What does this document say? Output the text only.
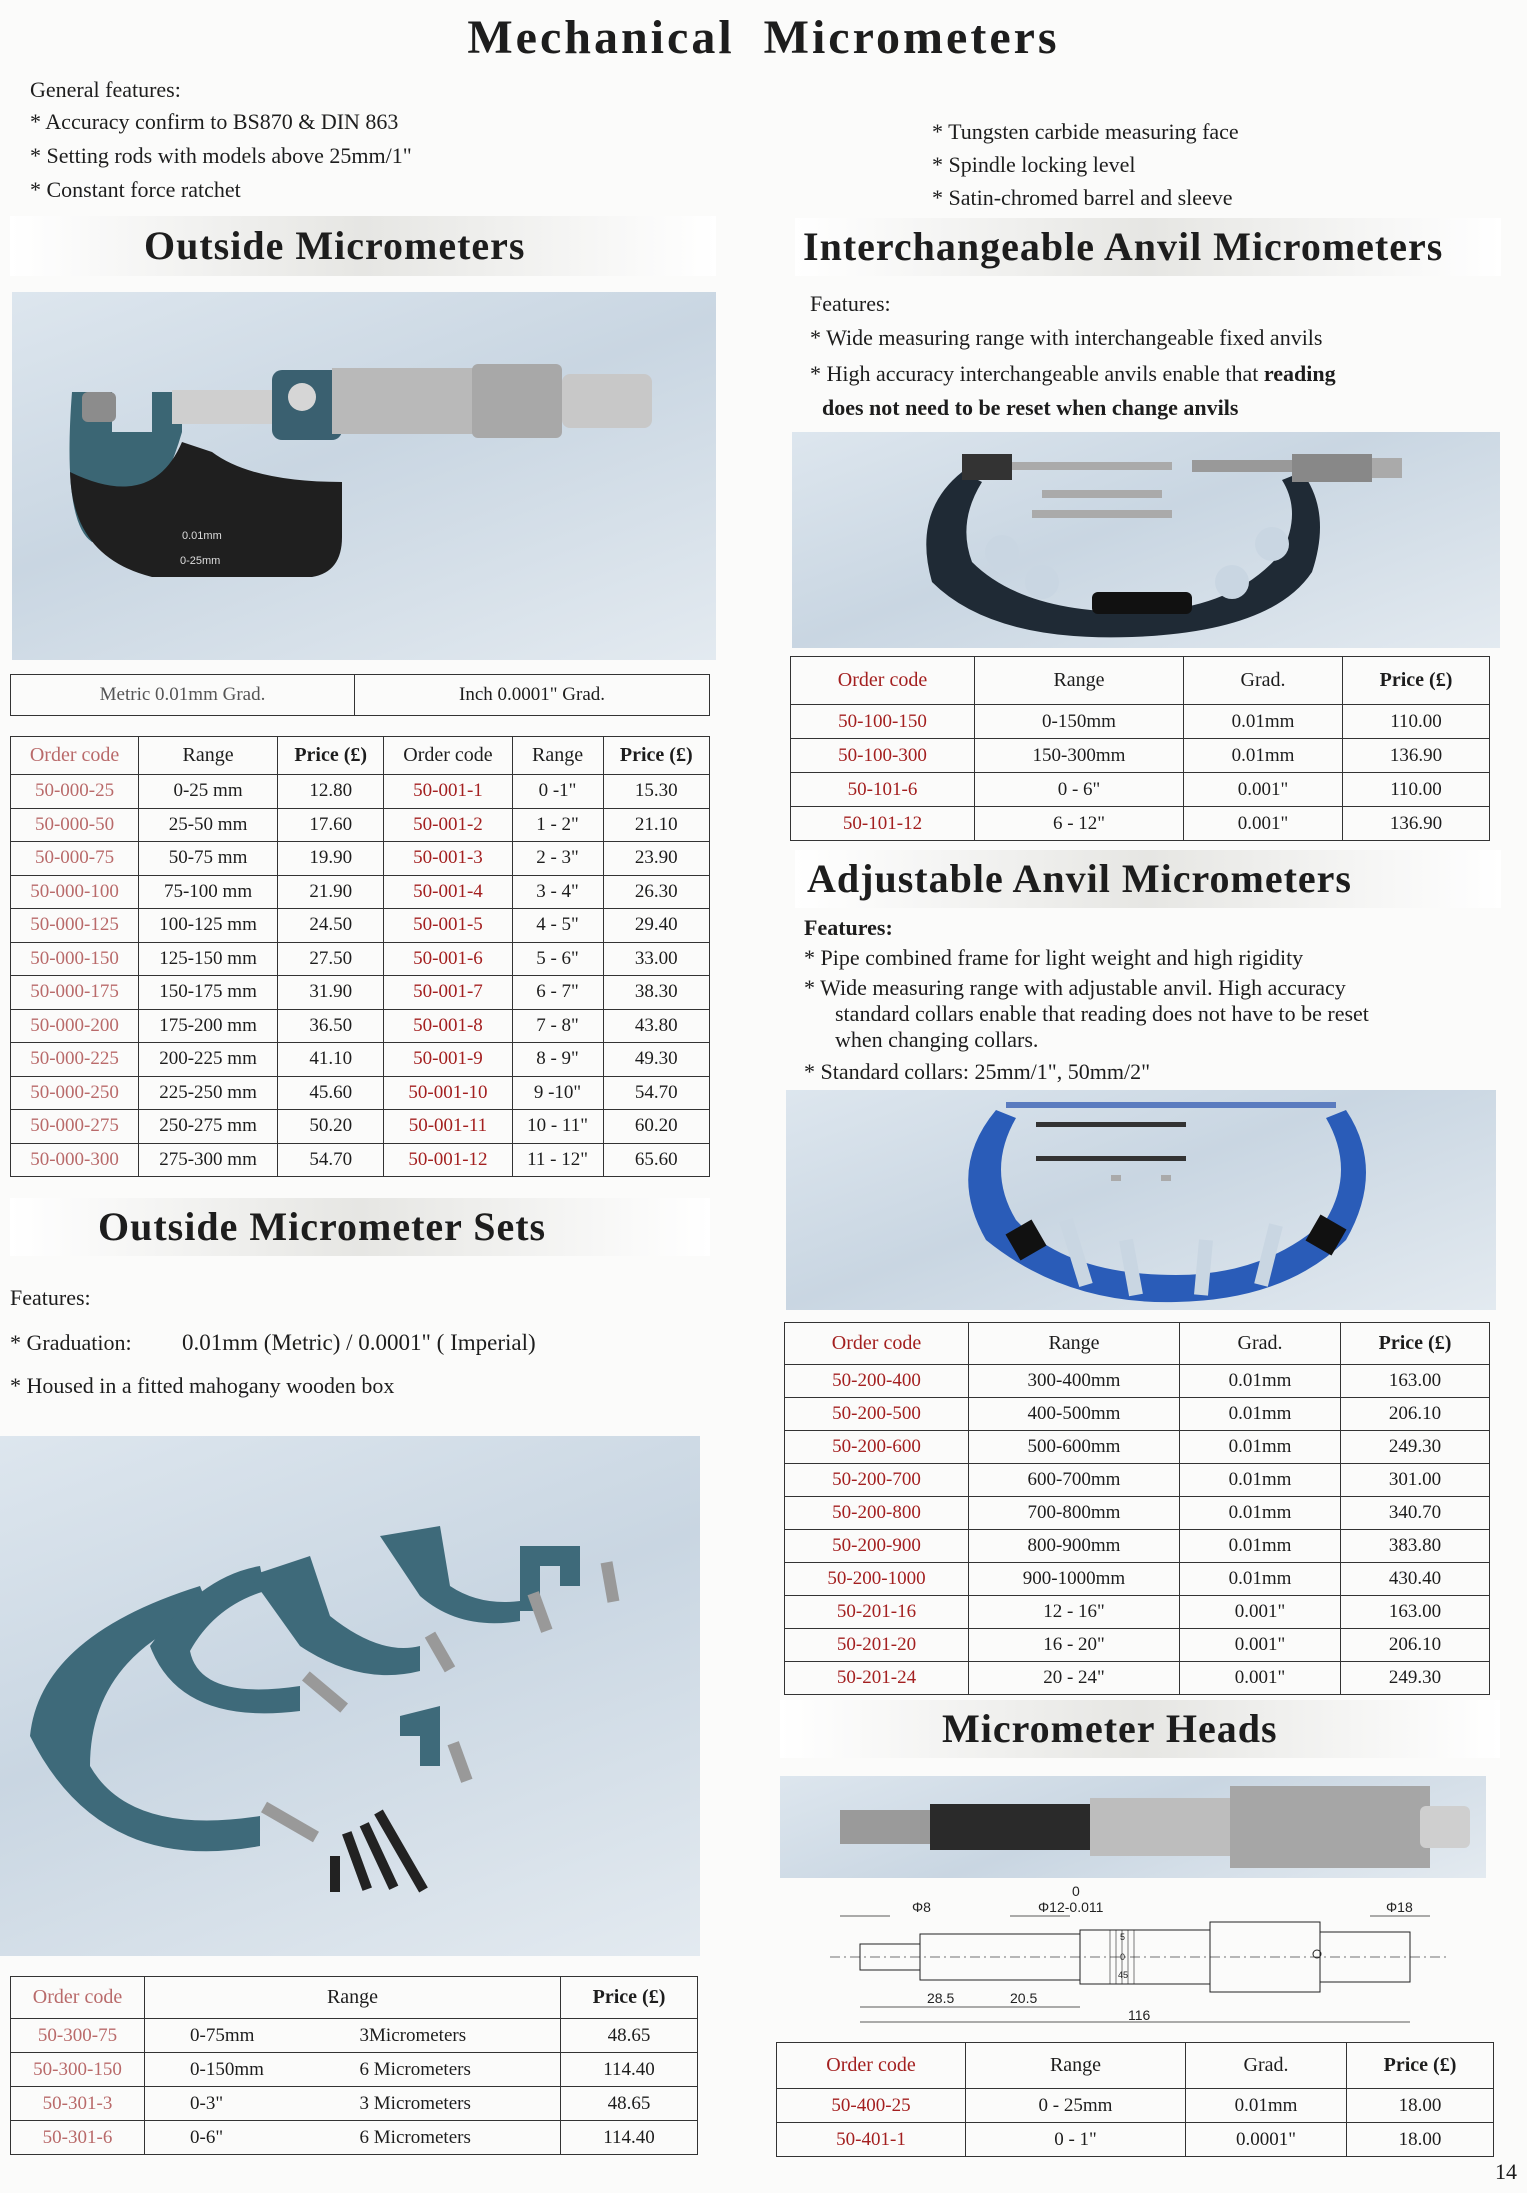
Mechanical Micrometers
General features:
* Accuracy confirm to BS870 & DIN 863
* Setting rods with models above 25mm/1"
* Constant force ratchet
* Tungsten carbide measuring face
* Spindle locking level
* Satin-chromed barrel and sleeve
Outside Micrometers
0.01mm
0-25mm
Metric 0.01mm Grad.	Inch 0.0001" Grad.
Order code	Range	Price (£)	Order code	Range	Price (£)
50-000-25	0-25 mm	12.80	50-001-1	0 -1"	15.30
50-000-50	25-50 mm	17.60	50-001-2	1 - 2"	21.10
50-000-75	50-75 mm	19.90	50-001-3	2 - 3"	23.90
50-000-100	75-100 mm	21.90	50-001-4	3 - 4"	26.30
50-000-125	100-125 mm	24.50	50-001-5	4 - 5"	29.40
50-000-150	125-150 mm	27.50	50-001-6	5 - 6"	33.00
50-000-175	150-175 mm	31.90	50-001-7	6 - 7"	38.30
50-000-200	175-200 mm	36.50	50-001-8	7 - 8"	43.80
50-000-225	200-225 mm	41.10	50-001-9	8 - 9"	49.30
50-000-250	225-250 mm	45.60	50-001-10	9 -10"	54.70
50-000-275	250-275 mm	50.20	50-001-11	10 - 11"	60.20
50-000-300	275-300 mm	54.70	50-001-12	11 - 12"	65.60
Outside Micrometer Sets
Features:
* Graduation: 0.01mm (Metric) / 0.0001" ( Imperial)
* Housed in a fitted mahogany wooden box
Order code	Range		Price (£)
50-300-75	0-75mm	3Micrometers	48.65
50-300-150	0-150mm	6 Micrometers	114.40
50-301-3	0-3"	3 Micrometers	48.65
50-301-6	0-6"	6 Micrometers	114.40
Interchangeable Anvil Micrometers
Features:
* Wide measuring range with interchangeable fixed anvils
* High accuracy interchangeable anvils enable that reading
does not need to be reset when change anvils
Order code	Range	Grad.	Price (£)
50-100-150	0-150mm	0.01mm	110.00
50-100-300	150-300mm	0.01mm	136.90
50-101-6	0 - 6"	0.001"	110.00
50-101-12	6 - 12"	0.001"	136.90
Adjustable Anvil Micrometers
Features:
* Pipe combined frame for light weight and high rigidity
* Wide measuring range with adjustable anvil. High accuracy
standard collars enable that reading does not have to be reset
when changing collars.
* Standard collars: 25mm/1", 50mm/2"
Order code	Range	Grad.	Price (£)
50-200-400	300-400mm	0.01mm	163.00
50-200-500	400-500mm	0.01mm	206.10
50-200-600	500-600mm	0.01mm	249.30
50-200-700	600-700mm	0.01mm	301.00
50-200-800	700-800mm	0.01mm	340.70
50-200-900	800-900mm	0.01mm	383.80
50-200-1000	900-1000mm	0.01mm	430.40
50-201-16	12 - 16"	0.001"	163.00
50-201-20	16 - 20"	0.001"	206.10
50-201-24	20 - 24"	0.001"	249.30
Micrometer Heads
Φ8
0
Φ12-0.011	Φ18
28.5	20.5
116
5
0
45
Order code	Range	Grad.	Price (£)
50-400-25	0 - 25mm	0.01mm	18.00
50-401-1	0 - 1"	0.0001"	18.00
14
